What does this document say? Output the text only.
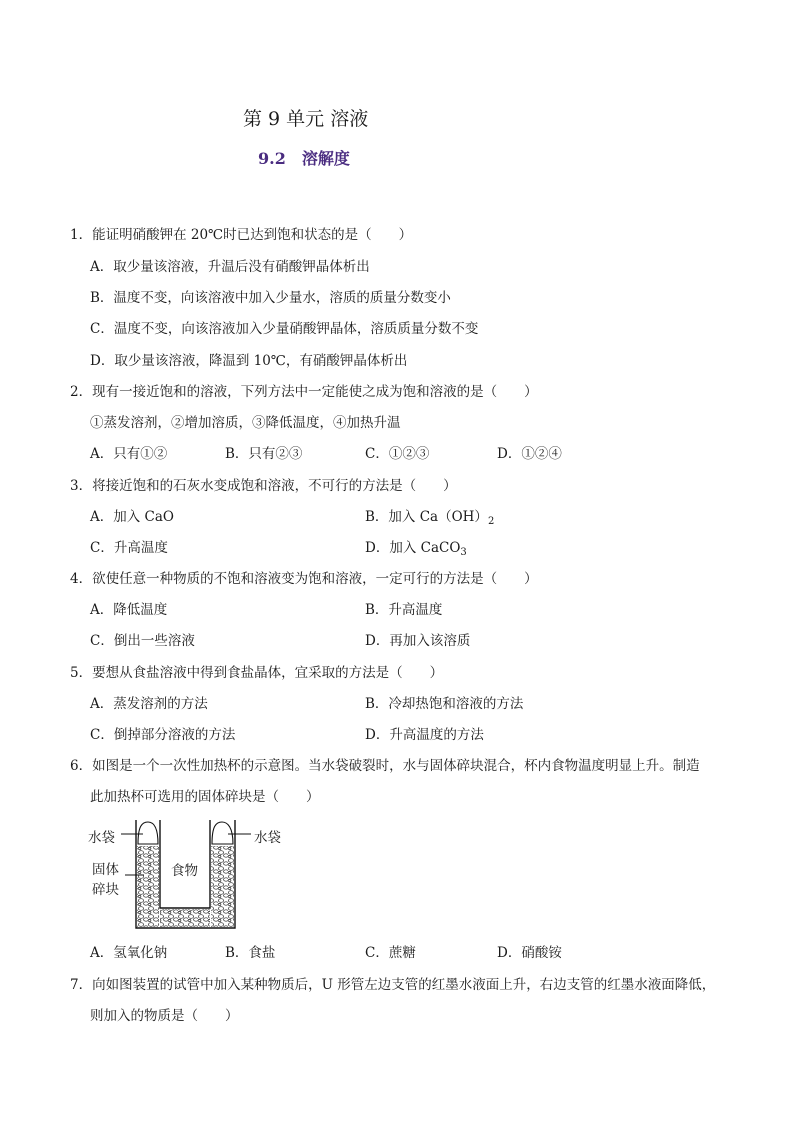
第 9 单元 溶液
9.2 溶解度
1．能证明硝酸钾在 20℃时已达到饱和状态的是（　　）
A．取少量该溶液，升温后没有硝酸钾晶体析出
B．温度不变，向该溶液中加入少量水，溶质的质量分数变小
C．温度不变，向该溶液加入少量硝酸钾晶体，溶质质量分数不变
D．取少量该溶液，降温到 10℃，有硝酸钾晶体析出
2．现有一接近饱和的溶液，下列方法中一定能使之成为饱和溶液的是（　　）
①蒸发溶剂，②增加溶质，③降低温度，④加热升温
A．只有①②	B．只有②③	C．①②③	D．①②④
3．将接近饱和的石灰水变成饱和溶液，不可行的方法是（　　）
A．加入 CaO	B．加入 $Ca(OH)_2$
C．升高温度	D．加入 CaCO$_3$
4．欲使任意一种物质的不饱和溶液变为饱和溶液，一定可行的方法是（　　）
A．降低温度	B．升高温度
C．倒出一些溶液	D．再加入该溶质
5．要想从食盐溶液中得到食盐晶体，宜采取的方法是（　　）
A．蒸发溶剂的方法	B．冷却热饱和溶液的方法
C．倒掉部分溶液的方法	D．升高温度的方法
6．如图是一个一次性加热杯的示意图。当水袋破裂时，水与固体碎块混合，杯内食物温度明显上升。制造
此加热杯可选用的固体碎块是（　　）
水袋	水袋
固体
碎块
食物
A．氢氧化钠	B．食盐	C．蔗糖	D．硝酸铵
7．向如图装置的试管中加入某种物质后，U 形管左边支管的红墨水液面上升，右边支管的红墨水液面降低，
则加入的物质是（　　）
